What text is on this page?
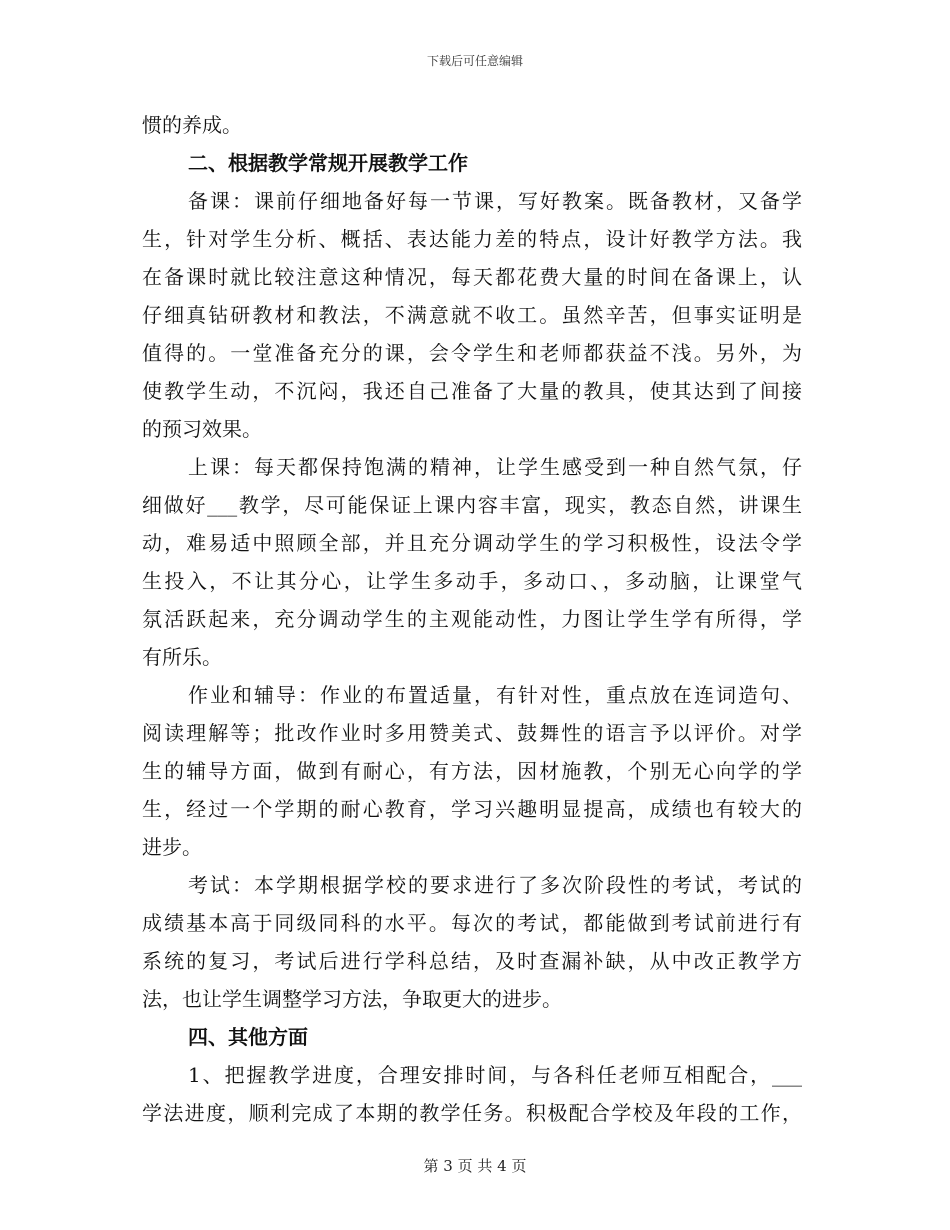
下载后可任意编辑
惯的养成。
二、根据教学常规开展教学工作
备课：课前仔细地备好每一节课，写好教案。既备教材，又备学
生，针对学生分析、概括、表达能力差的特点，设计好教学方法。我
在备课时就比较注意这种情况，每天都花费大量的时间在备课上，认
仔细真钻研教材和教法，不满意就不收工。虽然辛苦，但事实证明是
值得的。一堂准备充分的课，会令学生和老师都获益不浅。另外，为
使教学生动，不沉闷，我还自己准备了大量的教具，使其达到了间接
的预习效果。
上课：每天都保持饱满的精神，让学生感受到一种自然气氛，仔
细做好___教学，尽可能保证上课内容丰富，现实，教态自然，讲课生
动，难易适中照顾全部，并且充分调动学生的学习积极性，设法令学
生投入，不让其分心，让学生多动手，多动口、，多动脑，让课堂气
氛活跃起来，充分调动学生的主观能动性，力图让学生学有所得，学
有所乐。
作业和辅导：作业的布置适量，有针对性，重点放在连词造句、
阅读理解等；批改作业时多用赞美式、鼓舞性的语言予以评价。对学
生的辅导方面，做到有耐心，有方法，因材施教，个别无心向学的学
生，经过一个学期的耐心教育，学习兴趣明显提高，成绩也有较大的
进步。
考试：本学期根据学校的要求进行了多次阶段性的考试，考试的
成绩基本高于同级同科的水平。每次的考试，都能做到考试前进行有
系统的复习，考试后进行学科总结，及时查漏补缺，从中改正教学方
法，也让学生调整学习方法，争取更大的进步。
四、其他方面
1、把握教学进度，合理安排时间，与各科任老师互相配合，___
学法进度，顺利完成了本期的教学任务。积极配合学校及年段的工作，
第 3 页 共 4 页
